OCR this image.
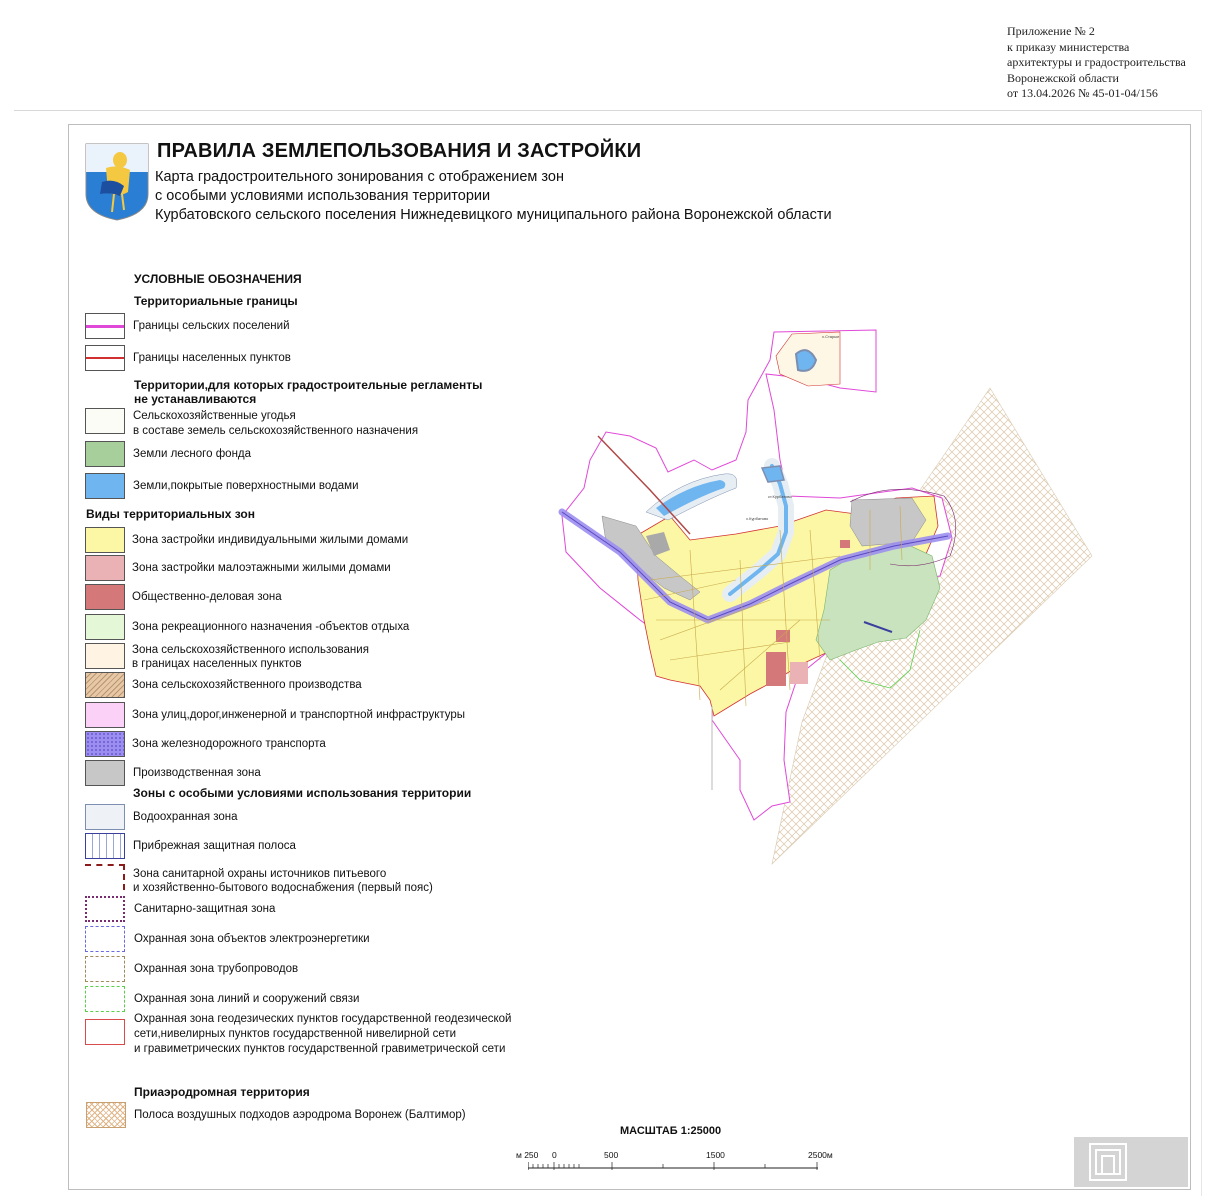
Приложение № 2
к приказу министерства
архитектуры и градостроительства
Воронежской области
от 13.04.2026 № 45-01-04/156
ПРАВИЛА ЗЕМЛЕПОЛЬЗОВАНИЯ И ЗАСТРОЙКИ
Карта градостроительного зонирования с отображением зон
с особыми условиями использования территории
Курбатовского сельского поселения Нижнедевицкого муниципального района Воронежской области
УСЛОВНЫЕ ОБОЗНАЧЕНИЯ
Территориальные границы
Границы сельских поселений
Границы населенных пунктов
Территории,для которых градостроительные регламенты
не устанавливаются
Сельскохозяйственные угодья
в составе земель сельскохозяйственного назначения
Земли лесного фонда
Земли,покрытые поверхностными водами
Виды территориальных зон
Зона застройки индивидуальными жилыми домами
Зона застройки малоэтажными жилыми домами
Общественно-деловая зона
Зона рекреационного назначения -объектов отдыха
Зона сельскохозяйственного использования
в границах населенных пунктов
Зона сельскохозяйственного производства
Зона улиц,дорог,инженерной и транспортной инфраструктуры
Зона железнодорожного транспорта
Производственная зона
Зоны с особыми условиями использования территории
Водоохранная зона
Прибрежная защитная полоса
Зона санитарной охраны источников питьевого
и хозяйственно-бытового водоснабжения (первый пояс)
Санитарно-защитная зона
Охранная зона объектов электроэнергетики
Охранная зона трубопроводов
Охранная зона линий и сооружений связи
Охранная зона геодезических пунктов государственной геодезической
сети,нивелирных пунктов государственной нивелирной сети
и гравиметрических пунктов государственной гравиметрической сети
Приаэродромная территория
Полоса воздушных подходов аэродрома Воронеж (Балтимор)
х.Старые
х.Курбатово
ст.Курбатово
МАСШТАБ 1:25000
м 250 0	500	1500	2500м
